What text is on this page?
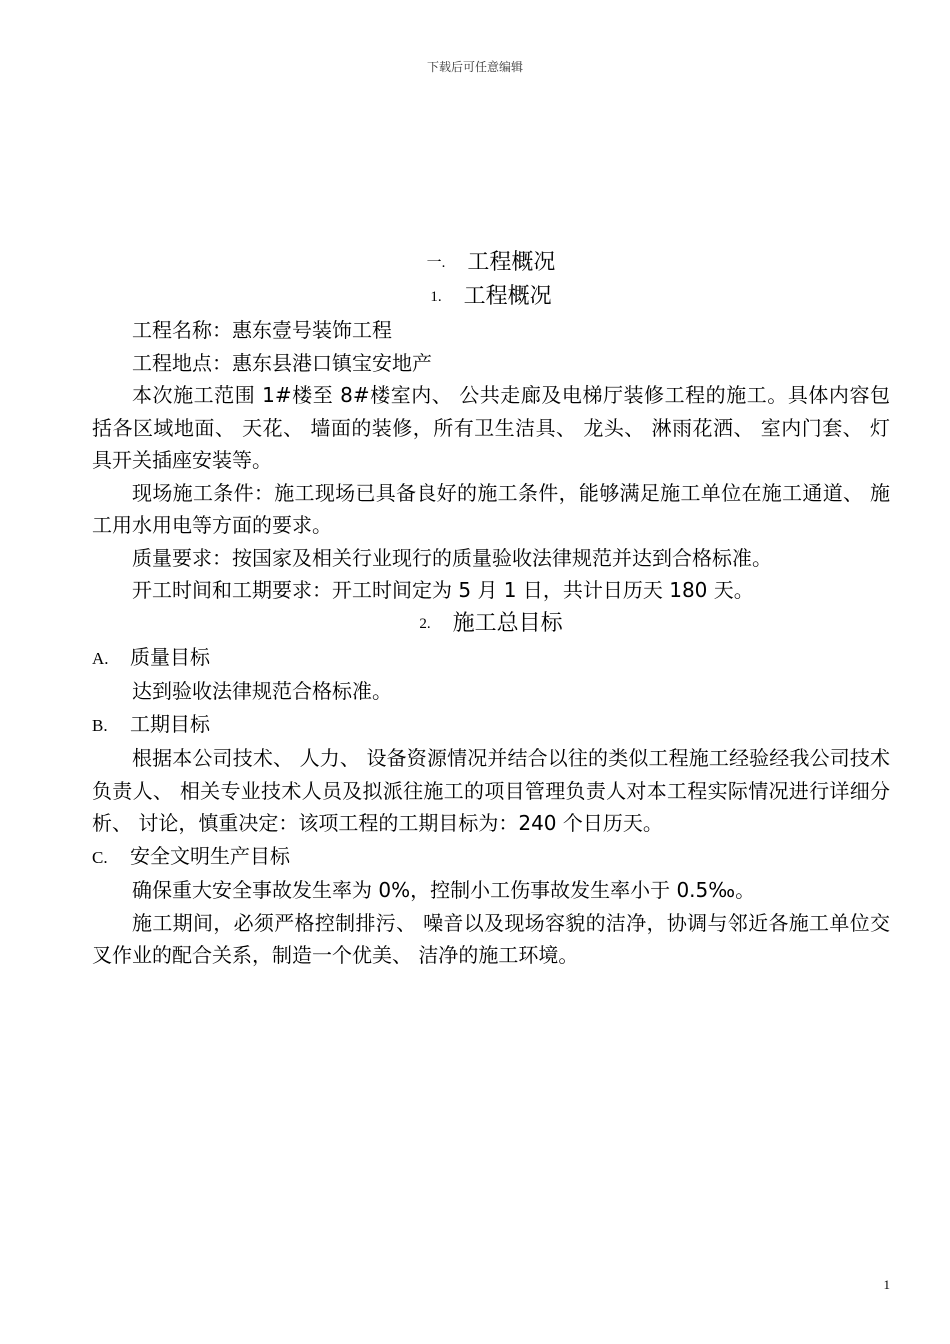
下载后可任意编辑
一. 工程概况
1. 工程概况

工程名称：惠东壹号装饰工程

工程地点：惠东县港口镇宝安地产

本次施工范围 1#楼至 8#楼室内、 公共走廊及电梯厅装修工程的施工。具体内容包括各区域地面、 天花、 墙面的装修，所有卫生洁具、 龙头、 淋雨花洒、 室内门套、 灯具开关插座安装等。

现场施工条件：施工现场已具备良好的施工条件，能够满足施工单位在施工通道、 施工用水用电等方面的要求。

质量要求：按国家及相关行业现行的质量验收法律规范并达到合格标准。

开工时间和工期要求：开工时间定为 5 月 1 日，共计日历天 180 天。

2. 施工总目标

A. 质量目标

达到验收法律规范合格标准。

B. 工期目标

根据本公司技术、 人力、 设备资源情况并结合以往的类似工程施工经验经我公司技术负责人、 相关专业技术人员及拟派往施工的项目管理负责人对本工程实际情况进行详细分析、 讨论，慎重决定：该项工程的工期目标为：240 个日历天。

C. 安全文明生产目标

确保重大安全事故发生率为 0%，控制小工伤事故发生率小于 0.5‰。

施工期间，必须严格控制排污、 噪音以及现场容貌的洁净，协调与邻近各施工单位交叉作业的配合关系，制造一个优美、 洁净的施工环境。

1
